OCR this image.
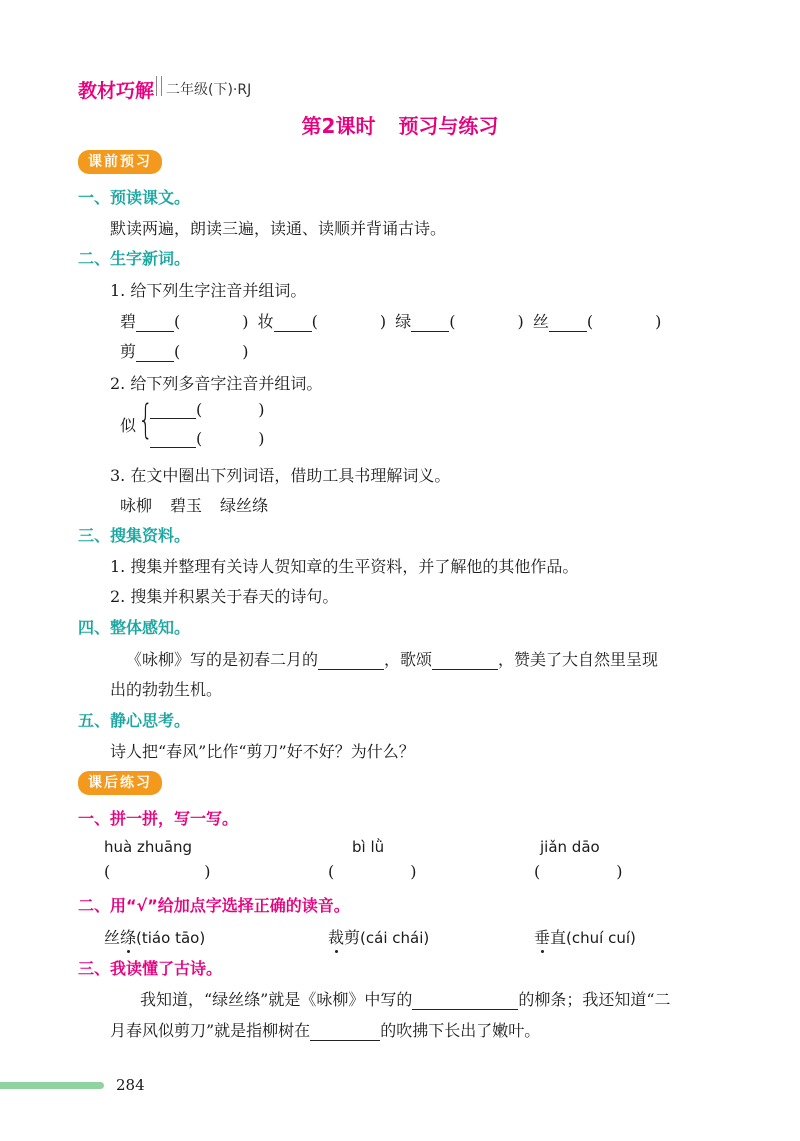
教材巧解 二年级(下)·RJ
第2课时 预习与练习
课前预习
一、预读课文。
默读两遍，朗读三遍，读通、读顺并背诵古诗。
二、生字新词。
1. 给下列生字注音并组词。
碧 (	) 妆 (	) 绿 (	) 丝 (	)
剪 (	)
2. 给下列多音字注音并组词。
似 {	(	)
(	)
3. 在文中圈出下列词语，借助工具书理解词义。
咏柳 碧玉 绿丝绦
三、搜集资料。
1. 搜集并整理有关诗人贺知章的生平资料，并了解他的其他作品。
2. 搜集并积累关于春天的诗句。
四、整体感知。
《咏柳》写的是初春二月的	，歌颂	，赞美了大自然里呈现
出的勃勃生机。
五、静心思考。
诗人把“春风”比作“剪刀”好不好？为什么？
课后练习
一、拼一拼，写一写。
huà zhuāng	bì lǜ	jiǎn dāo
(	)	(	)	(	)
二、用“√”给加点字选择正确的读音。
丝绦(tiáo tāo)	裁剪(cái chái)	垂直(chuí cuí)
三、我读懂了古诗。
我知道，“绿丝绦”就是《咏柳》中写的	的柳条；我还知道“二
月春风似剪刀”就是指柳树在	的吹拂下长出了嫩叶。
284
